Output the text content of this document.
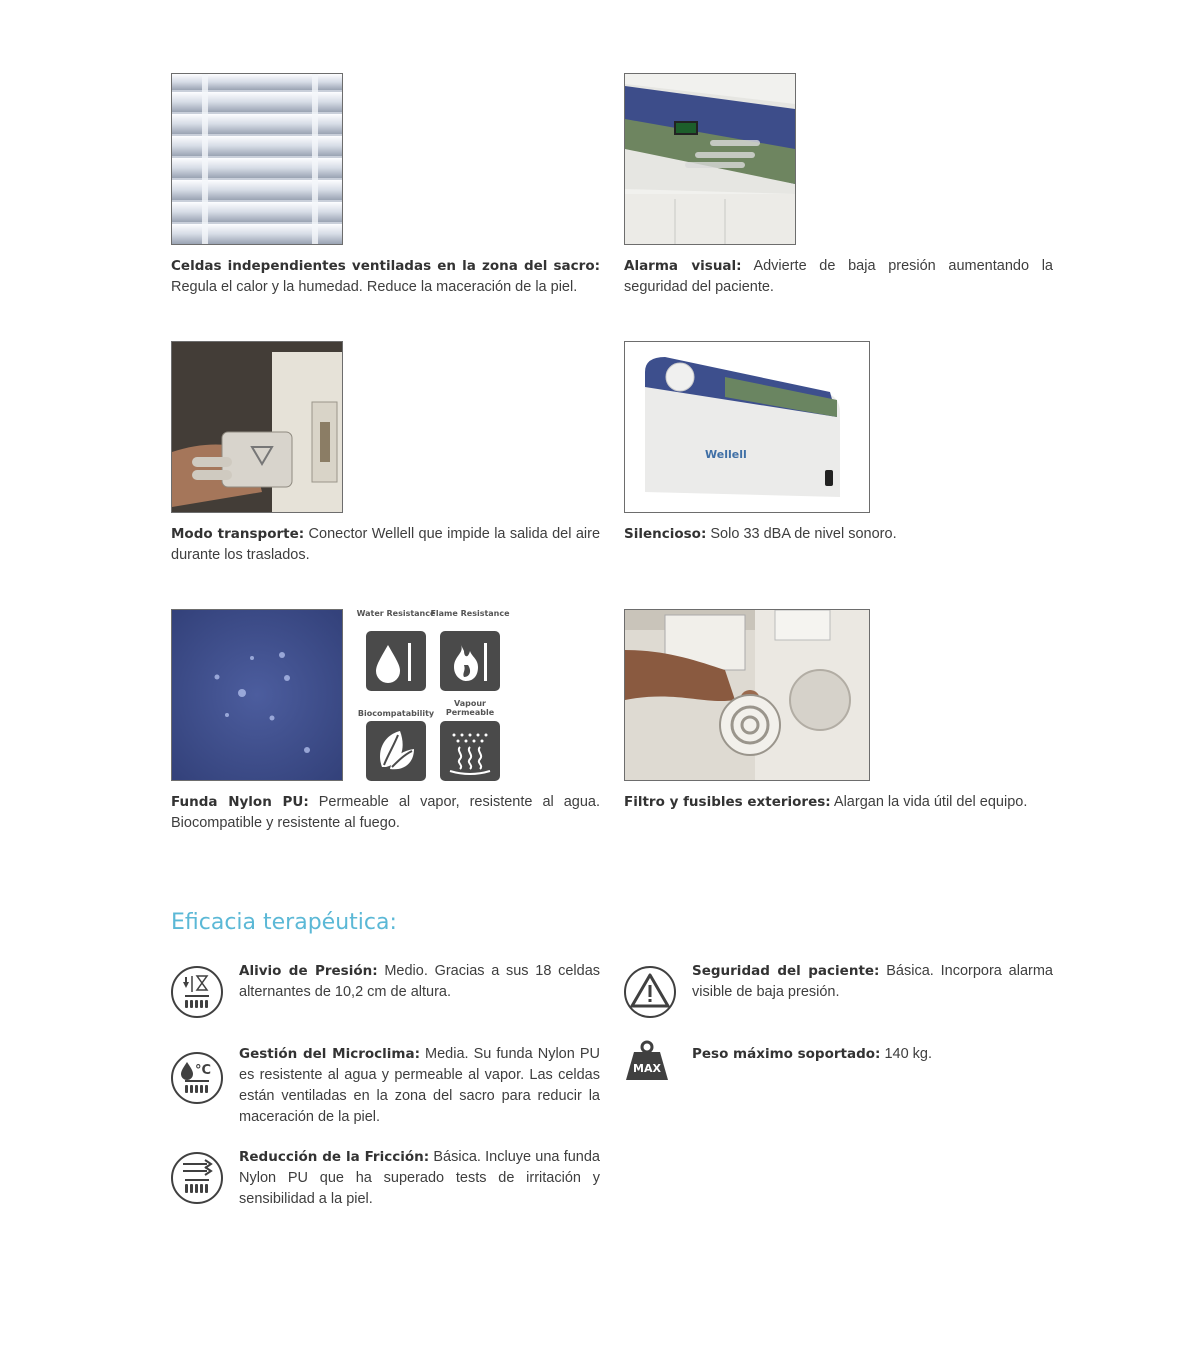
Celdas independientes ventiladas en la zona del sacro: Regula el calor y la humedad. Reduce la maceración de la piel.
Alarma visual: Advierte de baja presión aumentando la seguridad del paciente.
Modo transporte: Conector Wellell que impide la salida del aire durante los traslados.
Wellell
Silencioso: Solo 33 dBA de nivel sonoro.
Water Resistance
Flame Resistance
Biocompatability
Vapour Permeable
Funda Nylon PU: Permeable al vapor, resistente al agua. Biocompatible y resistente al fuego.
Filtro y fusibles exteriores: Alargan la vida útil del equipo.
Eficacia terapéutica:
Alivio de Presión: Medio. Gracias a sus 18 celdas alternantes de 10,2 cm de altura.
°C
Gestión del Microclima: Media. Su funda Nylon PU es resistente al agua y permeable al vapor. Las celdas están ventiladas en la zona del sacro para reducir la maceración de la piel.
Reducción de la Fricción: Básica. Incluye una funda Nylon PU que ha superado tests de irritación y sensibilidad a la piel.
Seguridad del paciente: Básica. Incorpora alarma visible de baja presión.
MAX
Peso máximo soportado: 140 kg.
